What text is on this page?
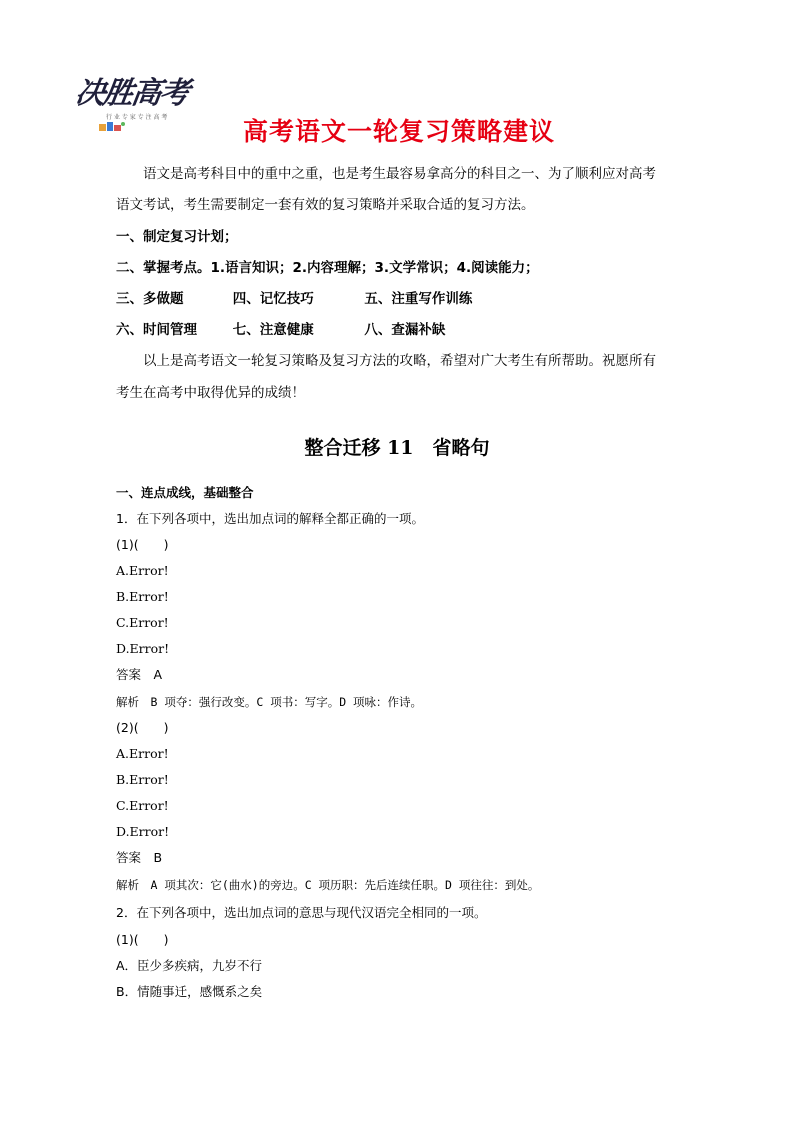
决胜高考
行 业 专 家 专 注 高 考	高考语文一轮复习策略建议
语文是高考科目中的重中之重，也是考生最容易拿高分的科目之一、为了顺利应对高考
语文考试，考生需要制定一套有效的复习策略并采取合适的复习方法。
一、制定复习计划；
二、掌握考点。1.语言知识；2.内容理解；3.文学常识；4.阅读能力；
三、多做题	四、记忆技巧	五、注重写作训练
六、时间管理	七、注意健康	八、查漏补缺
以上是高考语文一轮复习策略及复习方法的攻略，希望对广大考生有所帮助。祝愿所有
考生在高考中取得优异的成绩！
整合迁移 11　省略句
一、连点成线，基础整合
1．在下列各项中，选出加点词的解释全都正确的一项。
(1)(　　)
A.Error!
B.Error!
C.Error!
D.Error!
答案　A
解析　B 项夺：强行改变。C 项书：写字。D 项咏：作诗。
(2)(　　)
A.Error!
B.Error!
C.Error!
D.Error!
答案　B
解析　A 项其次：它(曲水)的旁边。C 项历职：先后连续任职。D 项往往：到处。
2．在下列各项中，选出加点词的意思与现代汉语完全相同的一项。
(1)(　　)
A．臣少多疾病，九岁不行
B．情随事迁，感慨系之矣
